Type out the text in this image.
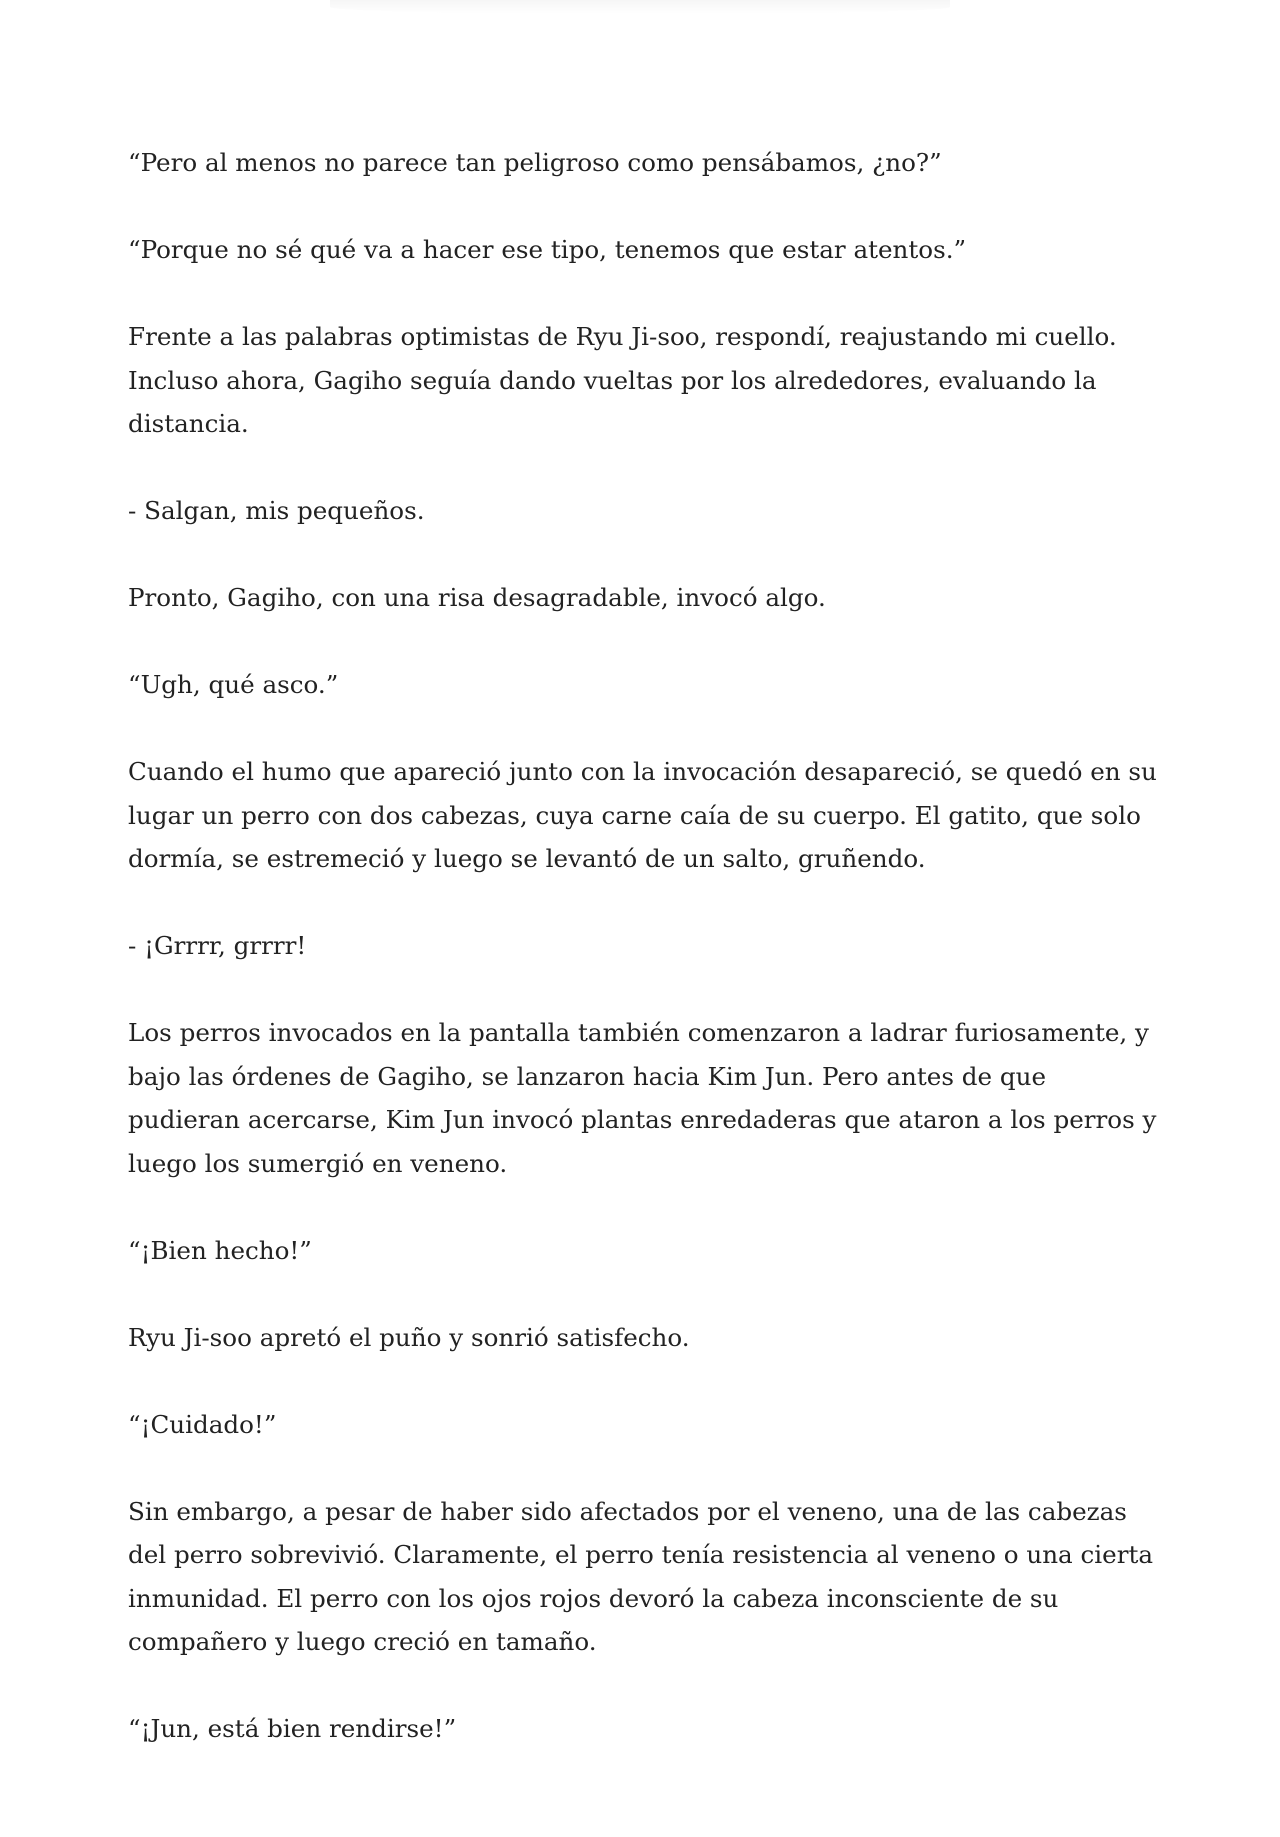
“Pero al menos no parece tan peligroso como pensábamos, ¿no?”

“Porque no sé qué va a hacer ese tipo, tenemos que estar atentos.”

Frente a las palabras optimistas de Ryu Ji-soo, respondí, reajustando mi cuello. Incluso ahora, Gagiho seguía dando vueltas por los alrededores, evaluando la distancia.

- Salgan, mis pequeños.

Pronto, Gagiho, con una risa desagradable, invocó algo.

“Ugh, qué asco.”

Cuando el humo que apareció junto con la invocación desapareció, se quedó en su lugar un perro con dos cabezas, cuya carne caía de su cuerpo. El gatito, que solo dormía, se estremeció y luego se levantó de un salto, gruñendo.

- ¡Grrrr, grrrr!

Los perros invocados en la pantalla también comenzaron a ladrar furiosamente, y bajo las órdenes de Gagiho, se lanzaron hacia Kim Jun. Pero antes de que pudieran acercarse, Kim Jun invocó plantas enredaderas que ataron a los perros y luego los sumergió en veneno.

“¡Bien hecho!”

Ryu Ji-soo apretó el puño y sonrió satisfecho.

“¡Cuidado!”

Sin embargo, a pesar de haber sido afectados por el veneno, una de las cabezas del perro sobrevivió. Claramente, el perro tenía resistencia al veneno o una cierta inmunidad. El perro con los ojos rojos devoró la cabeza inconsciente de su compañero y luego creció en tamaño.

“¡Jun, está bien rendirse!”
